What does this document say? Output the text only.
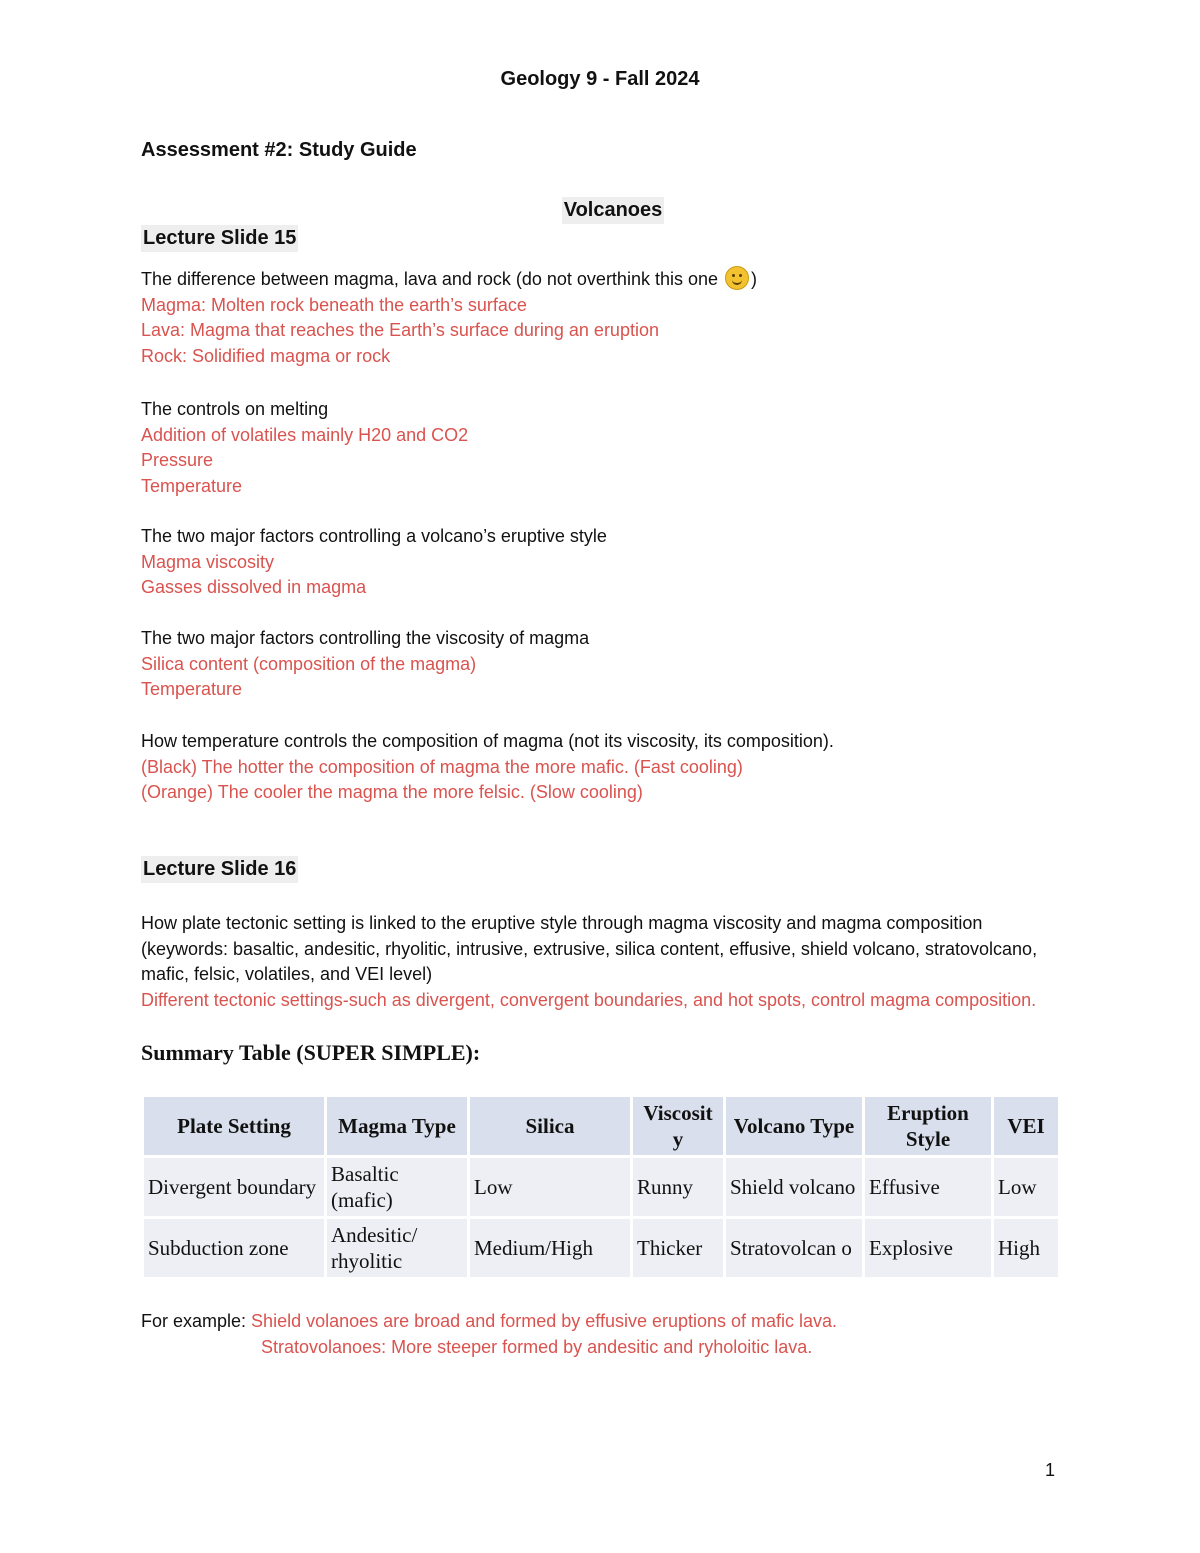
Geology 9 - Fall 2024
Assessment #2: Study Guide
Volcanoes
Lecture Slide 15
The difference between magma, lava and rock (do not overthink this one
)
Magma: Molten rock beneath the earth’s surface
Lava: Magma that reaches the Earth’s surface during an eruption
Rock: Solidified magma or rock
The controls on melting
Addition of volatiles mainly H20 and CO2
Pressure
Temperature
The two major factors controlling a volcano’s eruptive style
Magma viscosity
Gasses dissolved in magma
The two major factors controlling the viscosity of magma
Silica content (composition of the magma)
Temperature
How temperature controls the composition of magma (not its viscosity, its composition).
(Black) The hotter the composition of magma the more mafic. (Fast cooling)
(Orange) The cooler the magma the more felsic. (Slow cooling)
Lecture Slide 16
How plate tectonic setting is linked to the eruptive style through magma viscosity and magma composition (keywords: basaltic, andesitic, rhyolitic, intrusive, extrusive, silica content, effusive, shield volcano, stratovolcano, mafic, felsic, volatiles, and VEI level)
Different tectonic settings-such as divergent, convergent boundaries, and hot spots, control magma composition.
Summary Table (SUPER SIMPLE):
Plate Setting	Magma Type	Silica	Viscosit y	Volcano Type	Eruption Style	VEI
Divergent boundary	Basaltic (mafic)	Low	Runny	Shield volcano	Effusive	Low
Subduction zone	Andesitic/ rhyolitic	Medium/High	Thicker	Stratovolcan o	Explosive	High
For example: Shield volanoes are broad and formed by effusive eruptions of mafic lava.
Stratovolanoes: More steeper formed by andesitic and ryholoitic lava.
1
